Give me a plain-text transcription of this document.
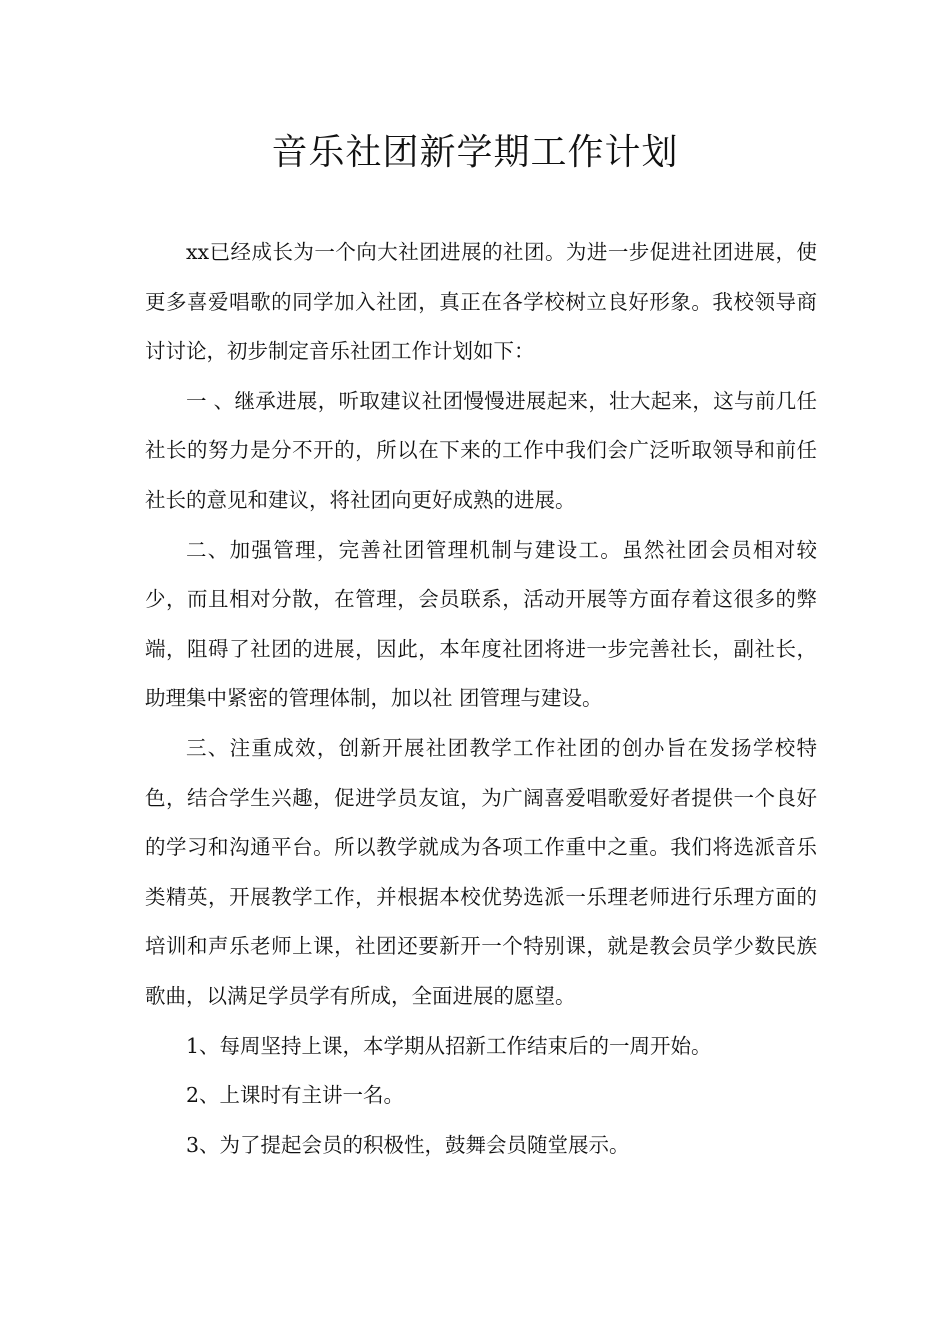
音乐社团新学期工作计划

xx已经成长为一个向大社团进展的社团。为进一步促进社团进展，使更多喜爱唱歌的同学加入社团，真正在各学校树立良好形象。我校领导商讨讨论，初步制定音乐社团工作计划如下：

一 、继承进展，听取建议社团慢慢进展起来，壮大起来，这与前几任社长的努力是分不开的，所以在下来的工作中我们会广泛听取领导和前任社长的意见和建议，将社团向更好成熟的进展。

二、加强管理，完善社团管理机制与建设工。虽然社团会员相对较少，而且相对分散，在管理，会员联系，活动开展等方面存着这很多的弊端，阻碍了社团的进展，因此，本年度社团将进一步完善社长，副社长，助理集中紧密的管理体制，加以社 团管理与建设。

三、注重成效，创新开展社团教学工作社团的创办旨在发扬学校特色，结合学生兴趣，促进学员友谊，为广阔喜爱唱歌爱好者提供一个良好的学习和沟通平台。所以教学就成为各项工作重中之重。我们将选派音乐类精英，开展教学工作，并根据本校优势选派一乐理老师进行乐理方面的培训和声乐老师上课，社团还要新开一个特别课，就是教会员学少数民族歌曲，以满足学员学有所成，全面进展的愿望。

1、每周坚持上课，本学期从招新工作结束后的一周开始。

2、上课时有主讲一名。

3、为了提起会员的积极性，鼓舞会员随堂展示。
